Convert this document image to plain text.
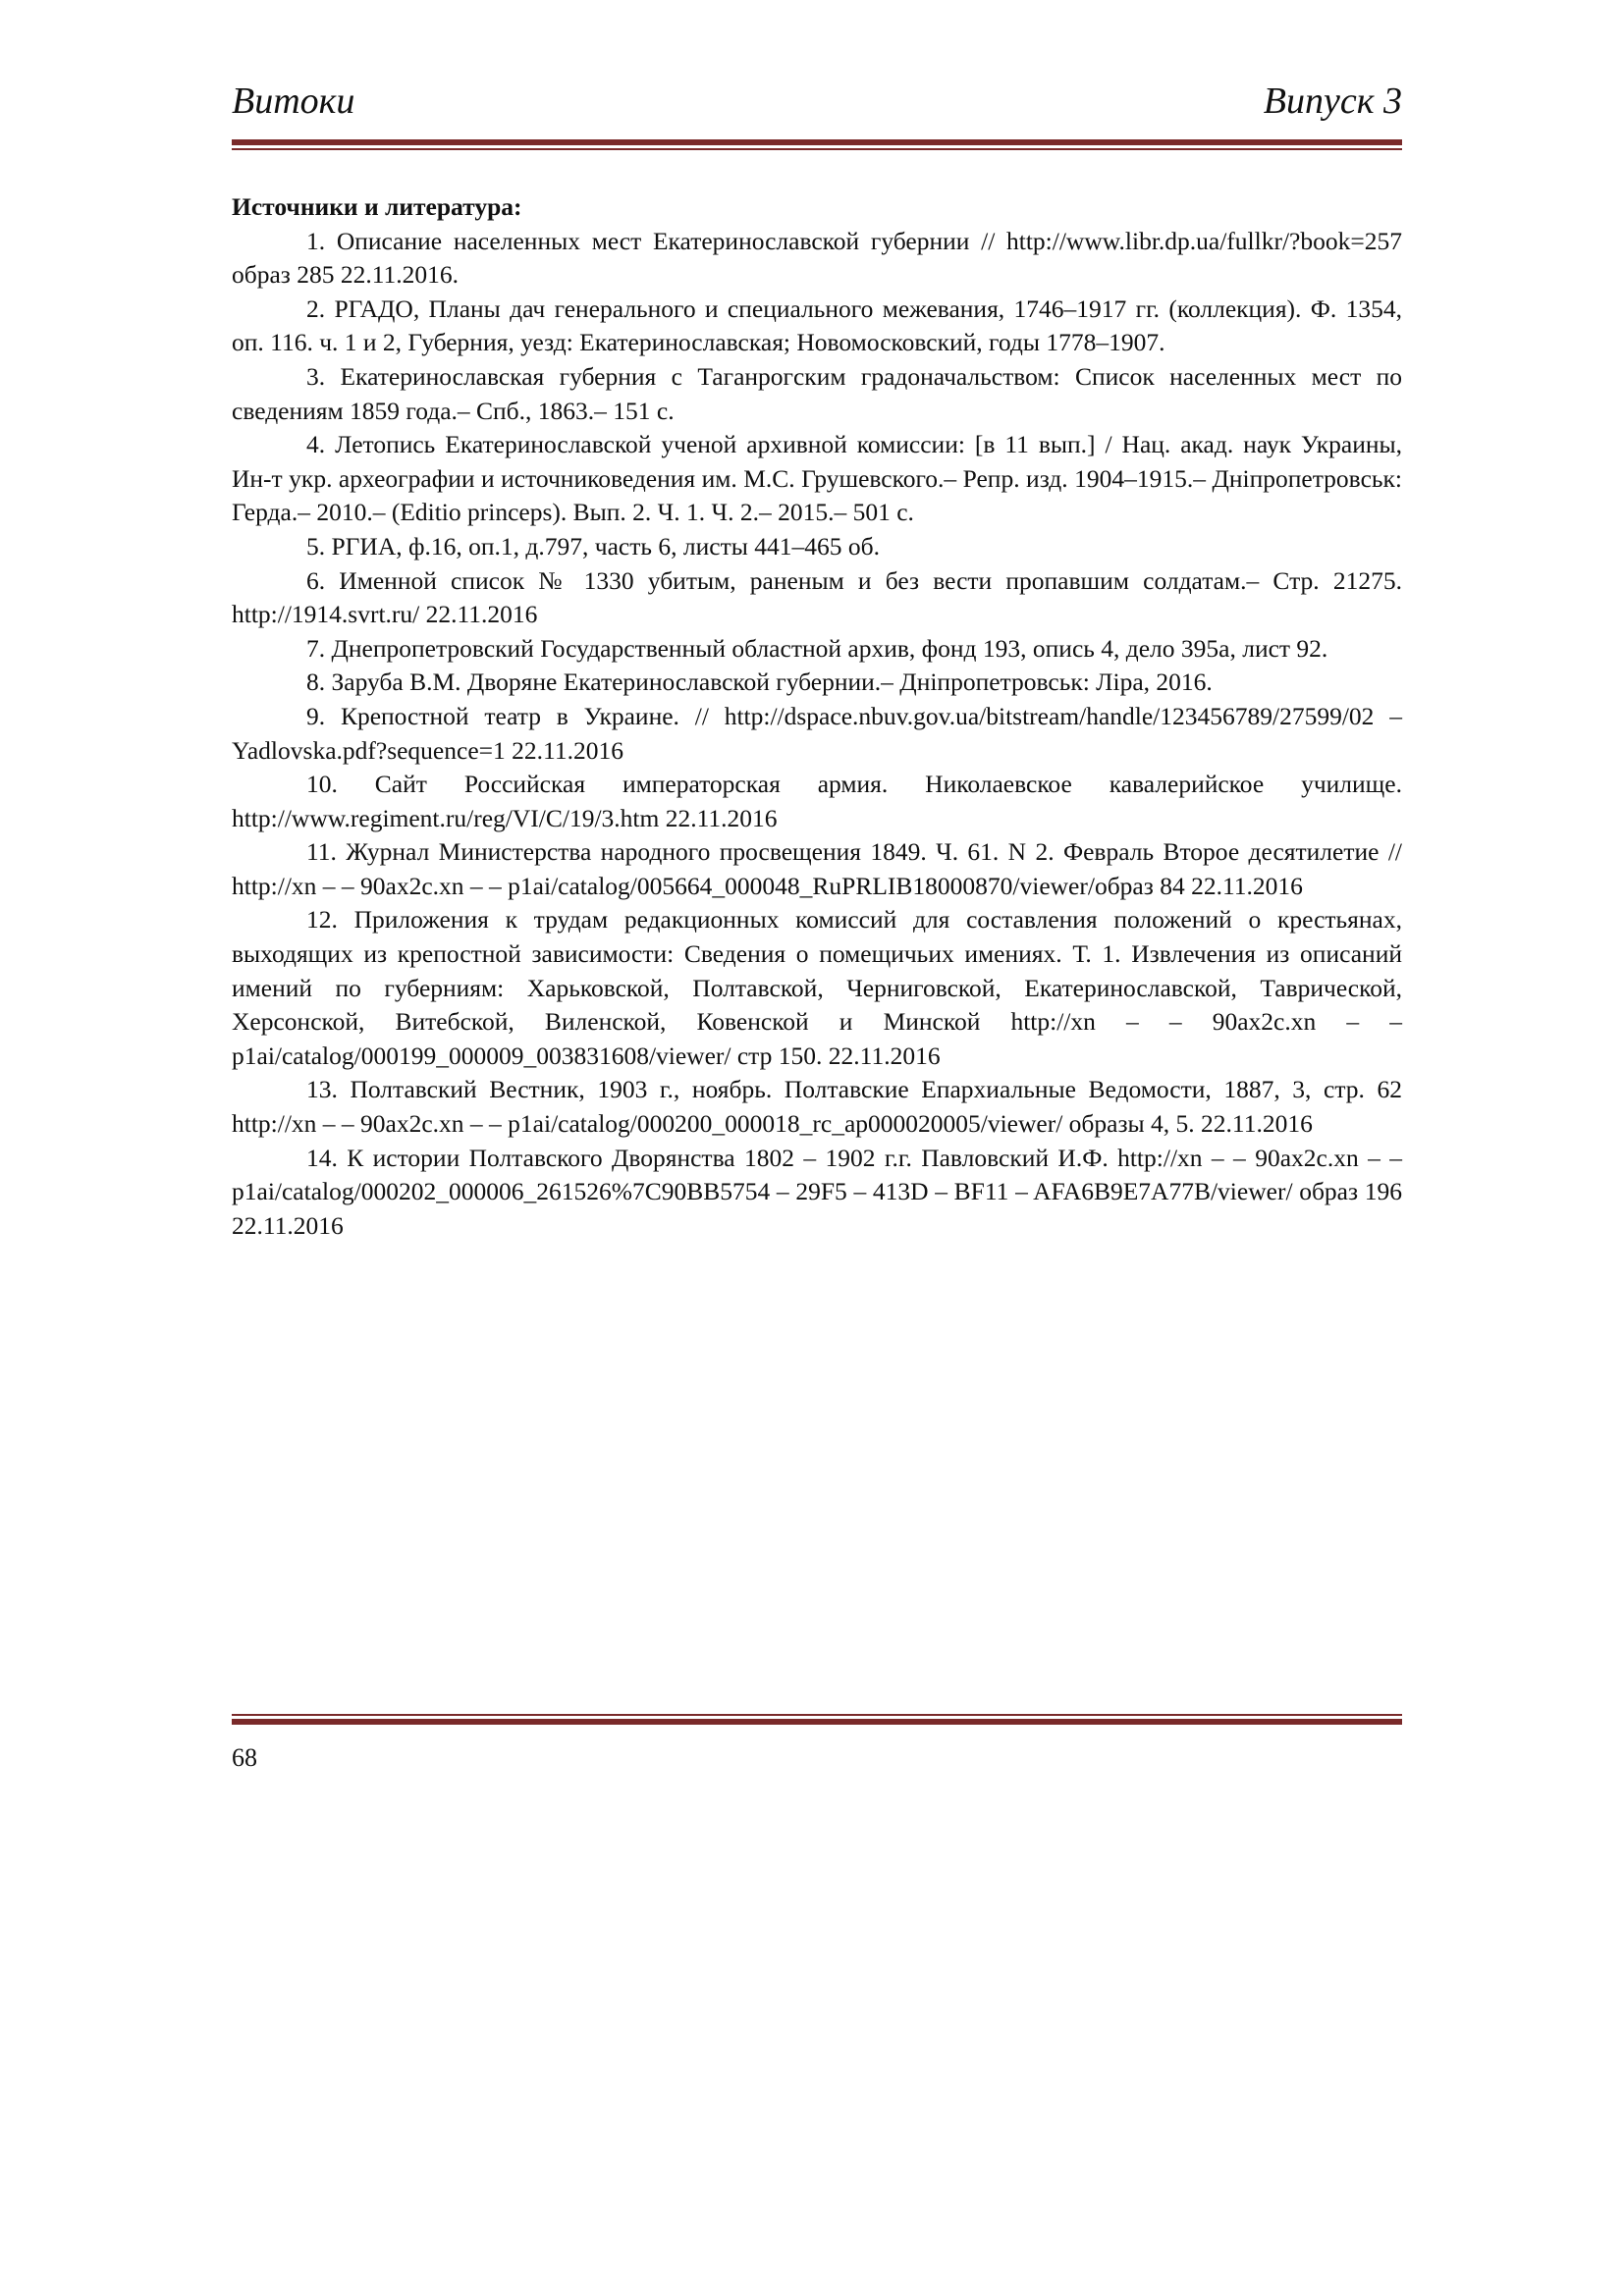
Витоки	Випуск 3

Источники и литература:

1. Описание населенных мест Екатеринославской губернии // http://www.libr.dp.ua/fullkr/?book=257 образ 285 22.11.2016.
2. РГАДО, Планы дач генерального и специального межевания, 1746–1917 гг. (коллекция). Ф. 1354, оп. 116. ч. 1 и 2, Губерния, уезд: Екатеринославская; Новомосковский, годы 1778–1907.
3. Екатеринославская губерния с Таганрогским градоначальством: Список населенных мест по сведениям 1859 года.– Спб., 1863.– 151 с.
4. Летопись Екатеринославской ученой архивной комиссии: [в 11 вып.] / Нац. акад. наук Украины, Ин-т укр. археографии и источниковедения им. М.С. Грушевского.– Репр. изд. 1904–1915.– Дніпропетровськ: Герда.– 2010.– (Editio princeps). Вып. 2. Ч. 1. Ч. 2.– 2015.– 501 с.
5. РГИА, ф.16, оп.1, д.797, часть 6, листы 441–465 об.
6. Именной список № 1330 убитым, раненым и без вести пропавшим солдатам.– Стр. 21275. http://1914.svrt.ru/ 22.11.2016
7. Днепропетровский Государственный областной архив, фонд 193, опись 4, дело 395а, лист 92.
8. Заруба В.М. Дворяне Екатеринославской губернии.– Дніпропетровськ: Ліра, 2016.
9. Крепостной театр в Украине. // http://dspace.nbuv.gov.ua/bitstream/handle/123456789/27599/02 – Yadlovska.pdf?sequence=1 22.11.2016
10. Сайт Российская императорская армия. Николаевское кавалерийское училище. http://www.regiment.ru/reg/VI/C/19/3.htm 22.11.2016
11. Журнал Министерства народного просвещения 1849. Ч. 61. N 2. Февраль Второе десятилетие // http://xn – – 90ax2c.xn – – p1ai/catalog/005664_000048_RuPRLIB18000870/viewer/образ 84 22.11.2016
12. Приложения к трудам редакционных комиссий для составления положений о крестьянах, выходящих из крепостной зависимости: Сведения о помещичьих имениях. Т. 1. Извлечения из описаний имений по губерниям: Харьковской, Полтавской, Черниговской, Екатеринославской, Таврической, Херсонской, Витебской, Виленской, Ковенской и Минской http://xn – – 90ax2c.xn – – p1ai/catalog/000199_000009_003831608/viewer/ стр 150. 22.11.2016
13. Полтавский Вестник, 1903 г., ноябрь. Полтавские Епархиальные Ведомости, 1887, 3, стр. 62 http://xn – – 90ax2c.xn – – p1ai/catalog/000200_000018_rc_ap000020005/viewer/ образы 4, 5. 22.11.2016
14. К истории Полтавского Дворянства 1802 – 1902 г.г. Павловский И.Ф. http://xn – – 90ax2c.xn – – p1ai/catalog/000202_000006_261526%7C90BB5754 – 29F5 – 413D – BF11 – AFA6B9E7A77B/viewer/ образ 196 22.11.2016
68
